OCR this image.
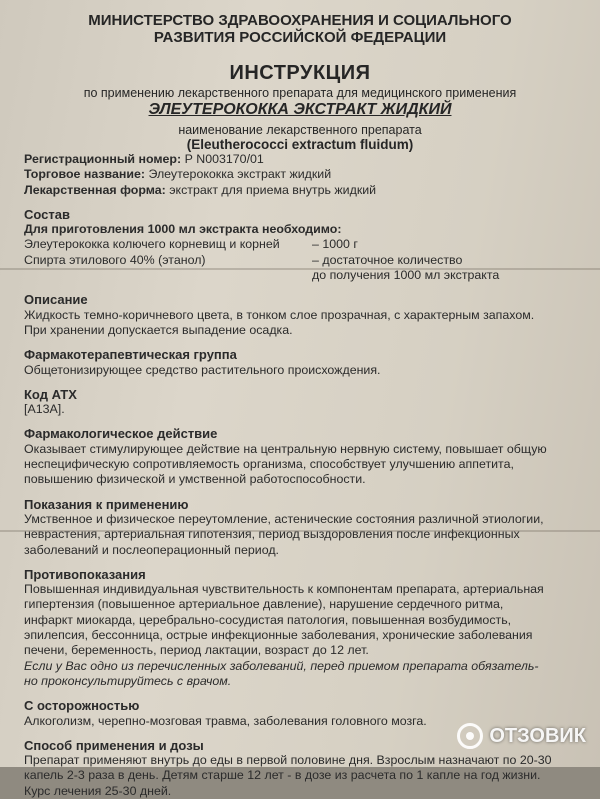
МИНИСТЕРСТВО ЗДРАВООХРАНЕНИЯ И СОЦИАЛЬНОГО РАЗВИТИЯ РОССИЙСКОЙ ФЕДЕРАЦИИ
ИНСТРУКЦИЯ
по применению лекарственного препарата для медицинского применения
ЭЛЕУТЕРОКОККА ЭКСТРАКТ ЖИДКИЙ
наименование лекарственного препарата
(Eleutherococci extractum fluidum)

Регистрационный номер: Р N003170/01

Торговое название: Элеутерококка экстракт жидкий

Лекарственная форма: экстракт для приема внутрь жидкий

Состав
Для приготовления 1000 мл экстракта необходимо:
Элеутерококка колючего корневищ и корней	– 1000 г
Спирта этилового 40% (этанол)	– достаточное количество
до получения 1000 мл экстракта
Описание

Жидкость темно-коричневого цвета, в тонком слое прозрачная, с характерным запахом.

При хранении допускается выпадение осадка.

Фармакотерапевтическая группа

Общетонизирующее средство растительного происхождения.

Код АТХ

[А13А].

Фармакологическое действие

Оказывает стимулирующее действие на центральную нервную систему, повышает общую

неспецифическую сопротивляемость организма, способствует улучшению аппетита,

повышению физической и умственной работоспособности.

Показания к применению

Умственное и физическое переутомление, астенические состояния различной этиологии,

неврастения, артериальная гипотензия, период выздоровления после инфекционных

заболеваний и послеоперационный период.

Противопоказания

Повышенная индивидуальная чувствительность к компонентам препарата, артериальная

гипертензия (повышенное артериальное давление), нарушение сердечного ритма,

инфаркт миокарда, церебрально-сосудистая патология, повышенная возбудимость,

эпилепсия, бессонница, острые инфекционные заболевания, хронические заболевания

печени, беременность, период лактации, возраст до 12 лет.

Если у Вас одно из перечисленных заболеваний, перед приемом препарата обязатель-

но проконсультируйтесь с врачом.

С осторожностью

Алкоголизм, черепно-мозговая травма, заболевания головного мозга.

Способ применения и дозы

Препарат применяют внутрь до еды в первой половине дня. Взрослым назначают по 20-30

капель 2-3 раза в день. Детям старше 12 лет - в дозе из расчета по 1 капле на год жизни.

Курс лечения 25-30 дней.

ОТЗОВИК
